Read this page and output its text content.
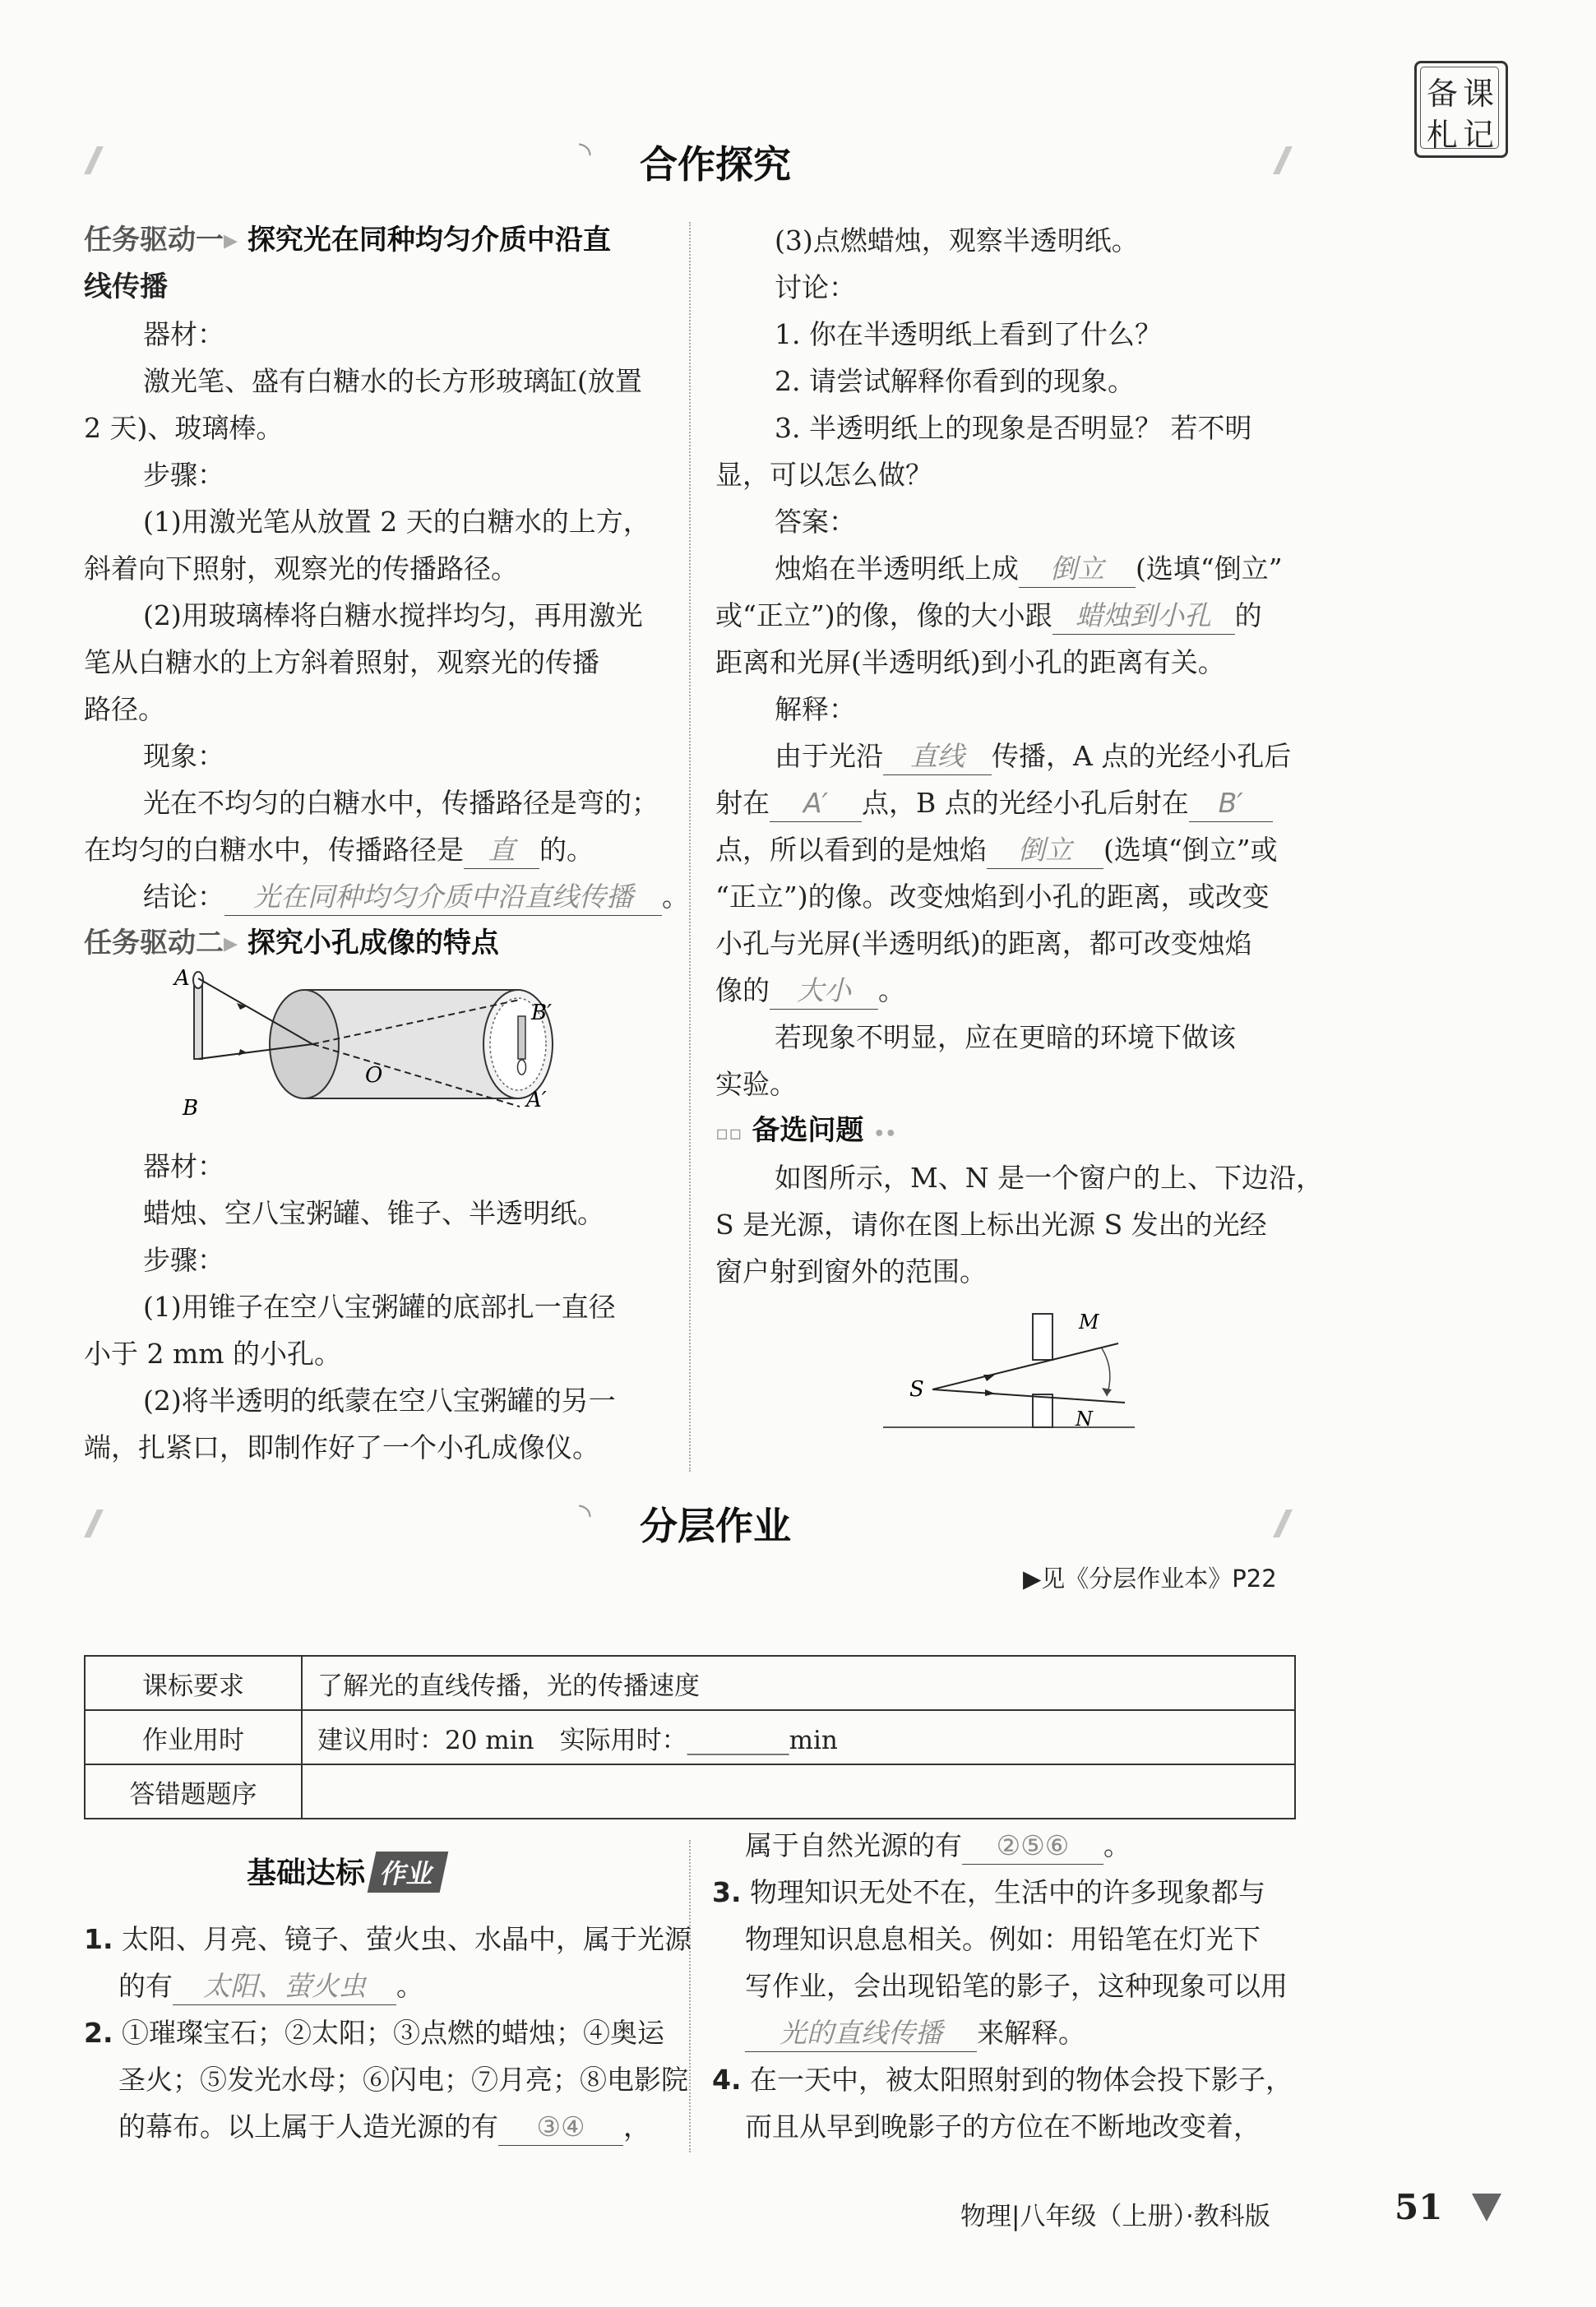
备 课
札 记
◝ 合作探究
任务驱动一▸ 探究光在同种均匀介质中沿直
线传播

器材：

激光笔、盛有白糖水的长方形玻璃缸(放置

2 天)、玻璃棒。

步骤：

(1)用激光笔从放置 2 天的白糖水的上方，

斜着向下照射，观察光的传播路径。

(2)用玻璃棒将白糖水搅拌均匀，再用激光

笔从白糖水的上方斜着照射，观察光的传播

路径。

现象：

光在不均匀的白糖水中，传播路径是弯的；

在均匀的白糖水中，传播路径是 直 的。

结论： 光在同种均匀介质中沿直线传播 。

任务驱动二▸ 探究小孔成像的特点
A
B
O
B′
A′

器材：

蜡烛、空八宝粥罐、锥子、半透明纸。

步骤：

(1)用锥子在空八宝粥罐的底部扎一直径

小于 2 mm 的小孔。

(2)将半透明的纸蒙在空八宝粥罐的另一

端，扎紧口，即制作好了一个小孔成像仪。

(3)点燃蜡烛，观察半透明纸。

讨论：

1. 你在半透明纸上看到了什么？

2. 请尝试解释你看到的现象。

3. 半透明纸上的现象是否明显？ 若不明

显，可以怎么做？

答案：

烛焰在半透明纸上成 倒立 (选填“倒立”

或“正立”)的像，像的大小跟 蜡烛到小孔 的

距离和光屏(半透明纸)到小孔的距离有关。

解释：

由于光沿 直线 传播，A 点的光经小孔后

射在 A′ 点，B 点的光经小孔后射在 B′

点，所以看到的是烛焰 倒立 (选填“倒立”或

“正立”)的像。改变烛焰到小孔的距离，或改变

小孔与光屏(半透明纸)的距离，都可改变烛焰

像的 大小 。

若现象不明显，应在更暗的环境下做该

实验。

▫▫ 备选问题 ••

如图所示，M、N 是一个窗户的上、下边沿，

S 是光源，请你在图上标出光源 S 发出的光经

窗户射到窗外的范围。

S
M
N
◝ 分层作业
▶见《分层作业本》P22
课标要求	了解光的直线传播，光的传播速度
作业用时	建议用时：20 min　实际用时：________min
答错题题序	
基础达标 作业

1. 太阳、月亮、镜子、萤火虫、水晶中，属于光源

的有 太阳、萤火虫 。

2. ①璀璨宝石；②太阳；③点燃的蜡烛；④奥运

圣火；⑤发光水母；⑥闪电；⑦月亮；⑧电影院

的幕布。以上属于人造光源的有 ③④ ，

属于自然光源的有 ②⑤⑥ 。

3. 物理知识无处不在，生活中的许多现象都与

物理知识息息相关。例如：用铅笔在灯光下

写作业，会出现铅笔的影子，这种现象可以用

光的直线传播 来解释。

4. 在一天中，被太阳照射到的物体会投下影子，

而且从早到晚影子的方位在不断地改变着，

物理|八年级（上册）·教科版	51
